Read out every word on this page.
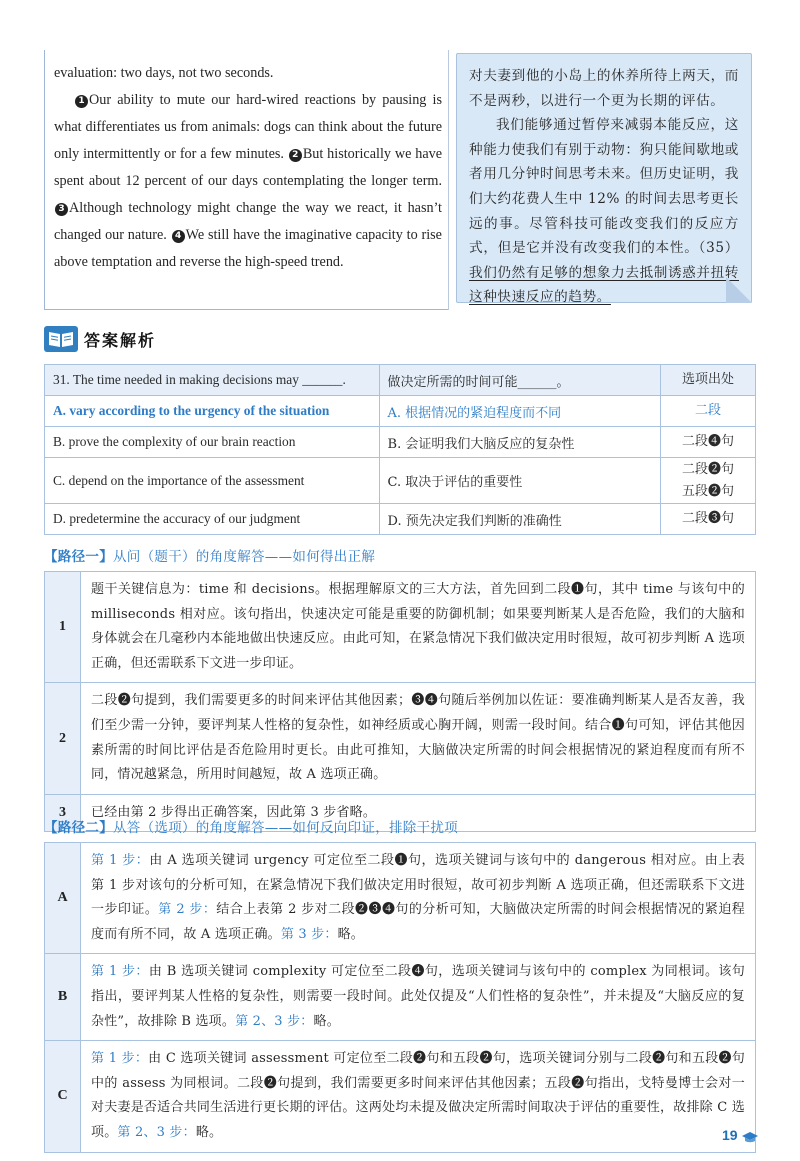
evaluation: two days, not two seconds.

1 Our ability to mute our hard-wired reactions by pausing is what differentiates us from animals: dogs can think about the future only intermittently or for a few minutes. 2 But historically we have spent about 12 percent of our days contemplating the longer term. 3 Although technology might change the way we react, it hasn’t changed our nature. 4 We still have the imaginative capacity to rise above temptation and reverse the high-speed trend.

对夫妻到他的小岛上的休养所待上两天，而不是两秒，以进行一个更为长期的评估。

我们能够通过暂停来减弱本能反应，这种能力使我们有别于动物：狗只能间歇地或者用几分钟时间思考未来。但历史证明，我们大约花费人生中 12% 的时间去思考更长远的事。尽管科技可能改变我们的反应方式，但是它并没有改变我们的本性。（35）我们仍然有足够的想象力去抵制诱惑并扭转这种快速反应的趋势。

答案解析
31. The time needed in making decisions may ______.	做决定所需的时间可能______。	选项出处
A. vary according to the urgency of the situation	A. 根据情况的紧迫程度而不同	二段
B. prove the complexity of our brain reaction	B. 会证明我们大脑反应的复杂性	二段❹句
C. depend on the importance of the assessment	C. 取决于评估的重要性	二段❷句
五段❷句

D. predetermine the accuracy of our judgment	D. 预先决定我们判断的准确性	二段❸句
【路径一】从问（题干）的角度解答——如何得出正解
1	题干关键信息为：time 和 decisions。根据理解原文的三大方法，首先回到二段❶句，其中 time 与该句中的 milliseconds 相对应。该句指出，快速决定可能是重要的防御机制；如果要判断某人是否危险，我们的大脑和身体就会在几毫秒内本能地做出快速反应。由此可知，在紧急情况下我们做决定用时很短，故可初步判断 A 选项正确，但还需联系下文进一步印证。
2	二段❷句提到，我们需要更多的时间来评估其他因素；❸❹句随后举例加以佐证：要准确判断某人是否友善，我们至少需一分钟，要评判某人性格的复杂性，如神经质或心胸开阔，则需一段时间。结合❶句可知，评估其他因素所需的时间比评估是否危险用时更长。由此可推知，大脑做决定所需的时间会根据情况的紧迫程度而有所不同，情况越紧急，所用时间越短，故 A 选项正确。
3	已经由第 2 步得出正确答案，因此第 3 步省略。
【路径二】从答（选项）的角度解答——如何反向印证，排除干扰项
A	第 1 步：由 A 选项关键词 urgency 可定位至二段❶句，选项关键词与该句中的 dangerous 相对应。由上表第 1 步对该句的分析可知，在紧急情况下我们做决定用时很短，故可初步判断 A 选项正确，但还需联系下文进一步印证。第 2 步：结合上表第 2 步对二段❷❸❹句的分析可知，大脑做决定所需的时间会根据情况的紧迫程度而有所不同，故 A 选项正确。第 3 步：略。
B	第 1 步：由 B 选项关键词 complexity 可定位至二段❹句，选项关键词与该句中的 complex 为同根词。该句指出，要评判某人性格的复杂性，则需要一段时间。此处仅提及“人们性格的复杂性”，并未提及“大脑反应的复杂性”，故排除 B 选项。第 2、3 步：略。
C	第 1 步：由 C 选项关键词 assessment 可定位至二段❷句和五段❷句，选项关键词分别与二段❷句和五段❷句中的 assess 为同根词。二段❷句提到，我们需要更多时间来评估其他因素；五段❷句指出，戈特曼博士会对一对夫妻是否适合共同生活进行更长期的评估。这两处均未提及做决定所需时间取决于评估的重要性，故排除 C 选项。第 2、3 步：略。	19
